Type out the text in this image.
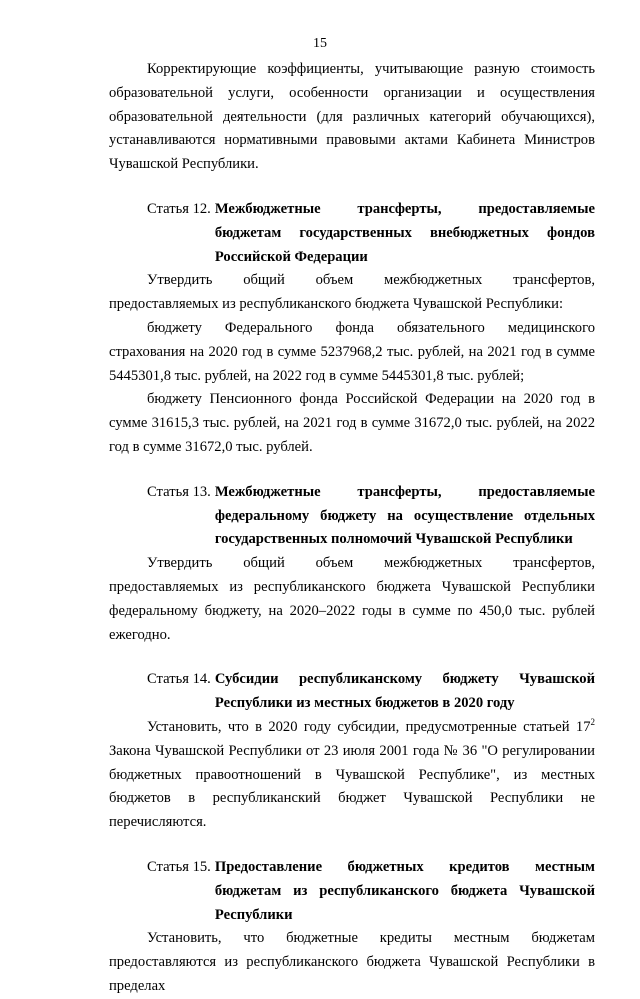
15

Корректирующие коэффициенты, учитывающие разную стоимость образовательной услуги, особенности организации и осуществления образовательной деятельности (для различных категорий обучающихся), устанавливаются нормативными правовыми актами Кабинета Министров Чувашской Республики.

Статья 12. Межбюджетные трансферты, предоставляемые бюджетам государственных внебюджетных фондов Российской Федерации

Утвердить общий объем межбюджетных трансфертов, предоставляемых из республиканского бюджета Чувашской Республики:

бюджету Федерального фонда обязательного медицинского страхования на 2020 год в сумме 5237968,2 тыс. рублей, на 2021 год в сумме 5445301,8 тыс. рублей, на 2022 год в сумме 5445301,8 тыс. рублей;

бюджету Пенсионного фонда Российской Федерации на 2020 год в сумме 31615,3 тыс. рублей, на 2021 год в сумме 31672,0 тыс. рублей, на 2022 год в сумме 31672,0 тыс. рублей.

Статья 13. Межбюджетные трансферты, предоставляемые федеральному бюджету на осуществление отдельных государственных полномочий Чувашской Республики

Утвердить общий объем межбюджетных трансфертов, предоставляемых из республиканского бюджета Чувашской Республики федеральному бюджету, на 2020–2022 годы в сумме по 450,0 тыс. рублей ежегодно.

Статья 14. Субсидии республиканскому бюджету Чувашской Республики из местных бюджетов в 2020 году

Установить, что в 2020 году субсидии, предусмотренные статьей $17^2$ Закона Чувашской Республики от 23 июля 2001 года № 36 "О регулировании бюджетных правоотношений в Чувашской Республике", из местных бюджетов в республиканский бюджет Чувашской Республики не перечисляются.

Статья 15. Предоставление бюджетных кредитов местным бюджетам из республиканского бюджета Чувашской Республики

Установить, что бюджетные кредиты местным бюджетам предоставляются из республиканского бюджета Чувашской Республики в пределах
